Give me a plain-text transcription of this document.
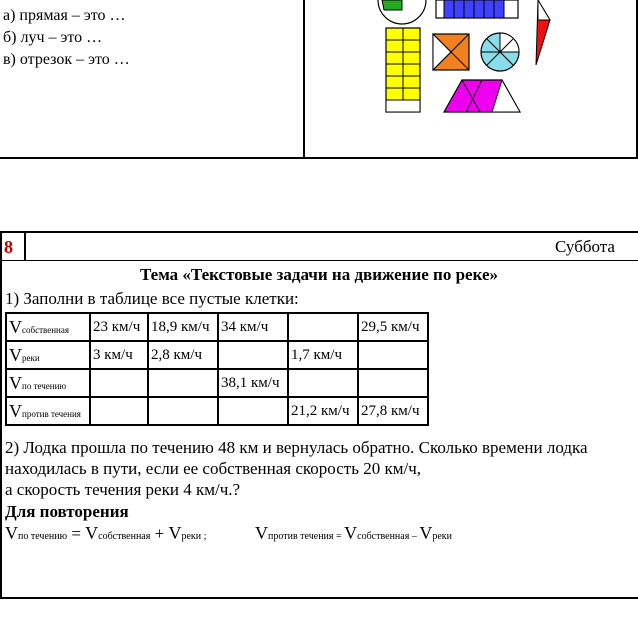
а) прямая – это …
б) луч – это …
в) отрезок – это …
8	Суббота
Тема «Текстовые задачи на движение по реке»
1) Заполни в таблице все пустые клетки:
Vсобственная	23 км/ч	18,9 км/ч	34 км/ч		29,5 км/ч
Vреки	3 км/ч	2,8 км/ч		1,7 км/ч	
Vпо течению			38,1 км/ч		
Vпротив течения				21,2 км/ч	27,8 км/ч
2) Лодка прошла по течению 48 км и вернулась обратно. Сколько времени лодка
находилась в пути, если ее собственная скорость 20 км/ч,
а скорость течения реки 4 км/ч.?
Для повторения
Vпо течению = Vсобственная + Vреки ;	Vпротив течения = Vсобственная – Vреки
